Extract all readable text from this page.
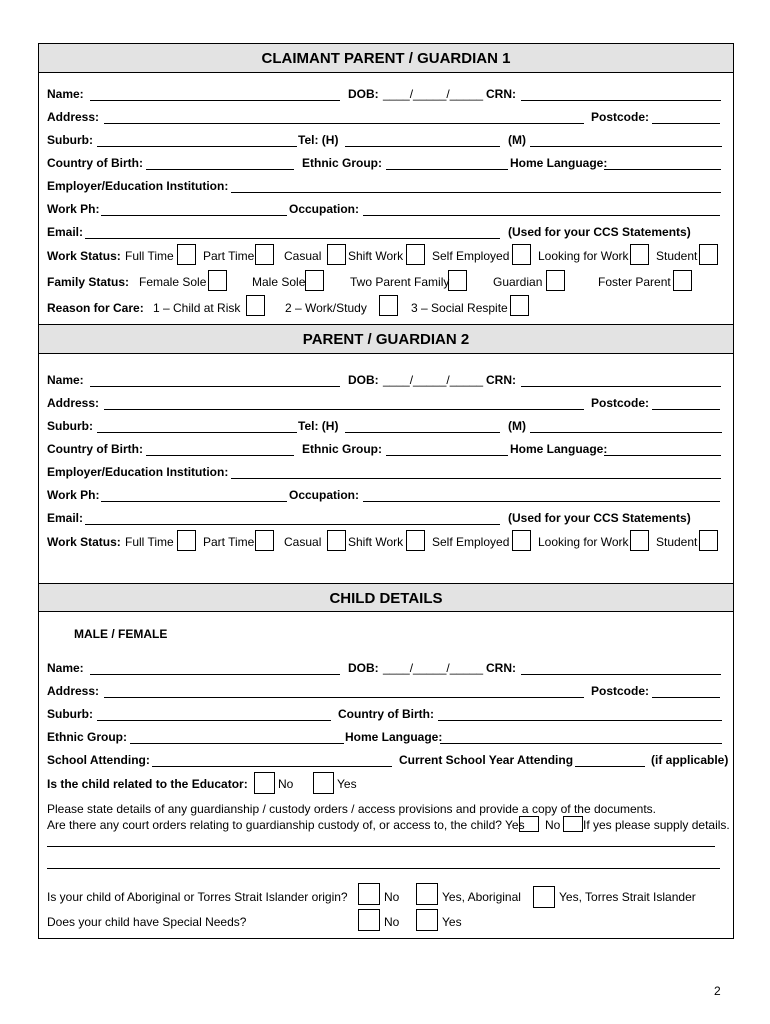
CLAIMANT PARENT / GUARDIAN 1
Name:	DOB: ____/_____/_____ CRN:
Address:	Postcode:
Suburb:	Tel: (H)	(M)
Country of Birth:	Ethnic Group:	Home Language:
Employer/Education Institution:
Work Ph:	Occupation:
Email:	(Used for your CCS Statements)
Work Status: Full Time Part Time Casual Shift Work Self Employed Looking for Work Student
Family Status: Female Sole	Male Sole	Two Parent Family	Guardian	Foster Parent
Reason for Care: 1 – Child at Risk	2 – Work/Study	3 – Social Respite
PARENT / GUARDIAN 2
Name:	DOB: ____/_____/_____ CRN:
Address:	Postcode:
Suburb:	Tel: (H)	(M)
Country of Birth:	Ethnic Group:	Home Language:
Employer/Education Institution:
Work Ph:	Occupation:
Email:	(Used for your CCS Statements)
Work Status: Full Time Part Time Casual Shift Work Self Employed Looking for Work Student
CHILD DETAILS
MALE / FEMALE
Name:	DOB: ____/_____/_____ CRN:
Address:	Postcode:
Suburb:	Country of Birth:
Ethnic Group:	Home Language:
School Attending:	Current School Year Attending	(if applicable)
Is the child related to the Educator:	No	Yes
Please state details of any guardianship / custody orders / access provisions and provide a copy of the documents.
Are there any court orders relating to guardianship custody of, or access to, the child? Yes No If yes please supply details.
Is your child of Aboriginal or Torres Strait Islander origin?	No	Yes, Aboriginal	Yes, Torres Strait Islander
Does your child have Special Needs?	No	Yes
2
